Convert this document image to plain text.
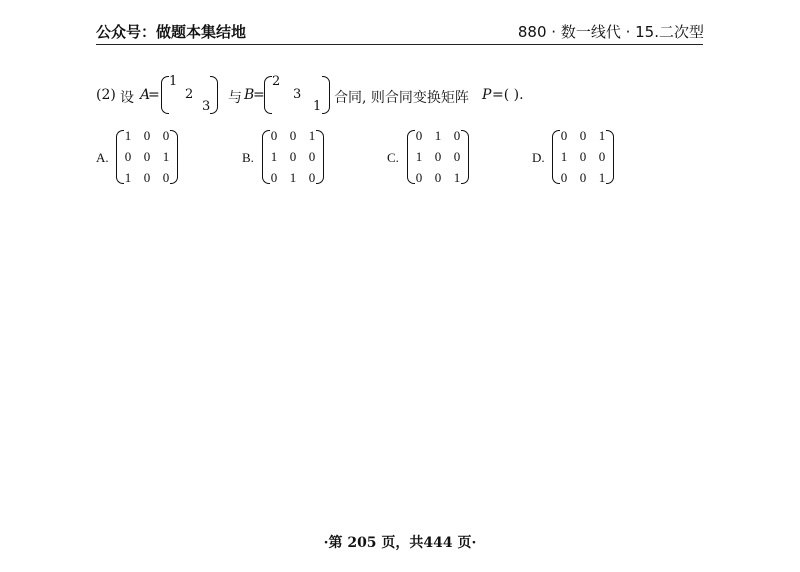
公众号：做题本集结地	880 · 数一线代 · 15.二次型
(2) 设 A
=
1
2
3
与 B
=
2
3
1
合同, 则合同变换矩阵 P =( ).
A.
1 0 0
0 0 1
1 0 0
B.
0 0 1
1 0 0
0 1 0
C.
0 1 0
1 0 0
0 0 1
D.
0 0 1
1 0 0
0 0 1
·第 205 页，共444 页·
